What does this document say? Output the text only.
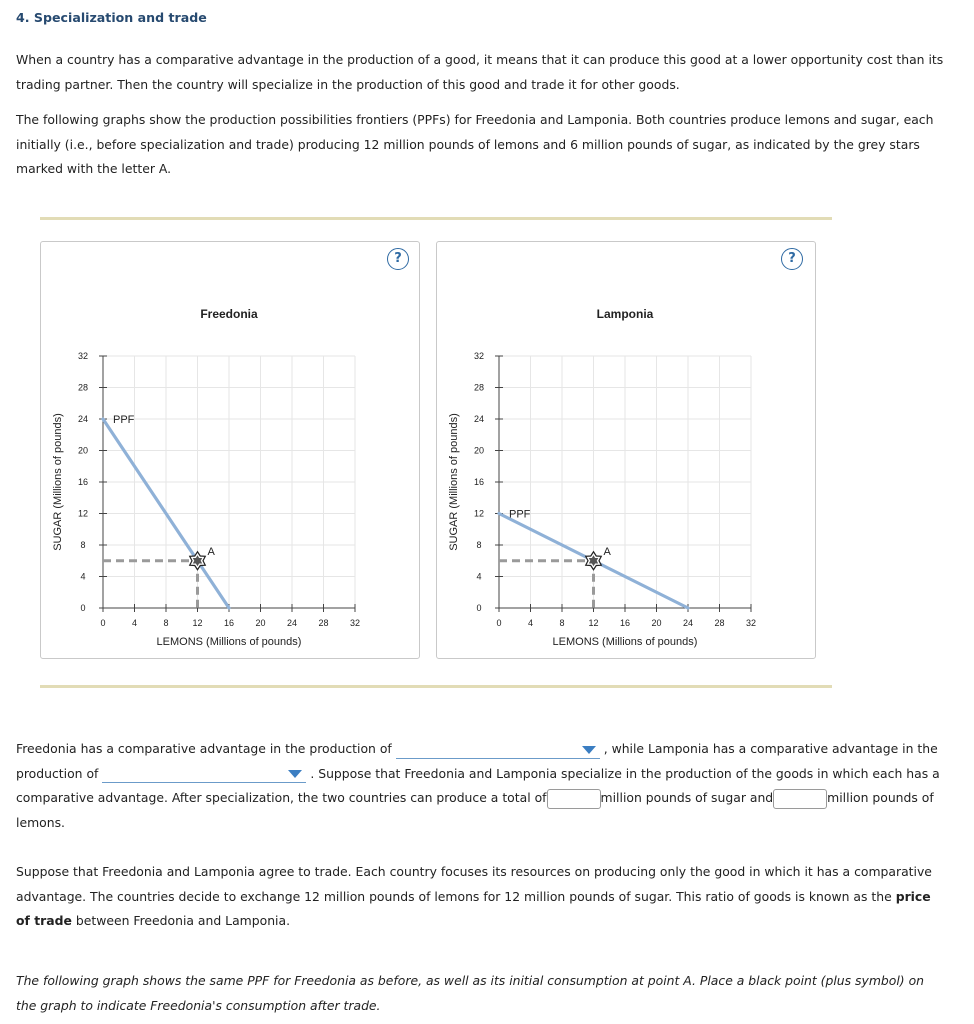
4. Specialization and trade
When a country has a comparative advantage in the production of a good, it means that it can produce this good at a lower opportunity cost than its trading partner. Then the country will specialize in the production of this good and trade it for other goods.
The following graphs show the production possibilities frontiers (PPFs) for Freedonia and Lamponia. Both countries produce lemons and sugar, each initially (i.e., before specialization and trade) producing 12 million pounds of lemons and 6 million pounds of sugar, as indicated by the grey stars marked with the letter A.
?
0	4	8	12 16 20 24 28 32
0
4
8
12
16
20
24
28
32
Freedonia
LEMONS (Millions of pounds)
SUGAR (Millions of pounds)	PPF
A
?
0	4	8	12 16 20 24 28 32
0
4
8
12
16
20
24
28
32
Lamponia
LEMONS (Millions of pounds)
SUGAR (Millions of pounds)	PPF
A
Freedonia has a comparative advantage in the production of	, while Lamponia has a comparative advantage in the production of	. Suppose that Freedonia and Lamponia specialize in the production of the goods in which each has a comparative advantage. After specialization, the two countries can produce a total of	million pounds of sugar and	million pounds of lemons.
Suppose that Freedonia and Lamponia agree to trade. Each country focuses its resources on producing only the good in which it has a comparative advantage. The countries decide to exchange 12 million pounds of lemons for 12 million pounds of sugar. This ratio of goods is known as the price of trade between Freedonia and Lamponia.
The following graph shows the same PPF for Freedonia as before, as well as its initial consumption at point A. Place a black point (plus symbol) on the graph to indicate Freedonia's consumption after trade.
